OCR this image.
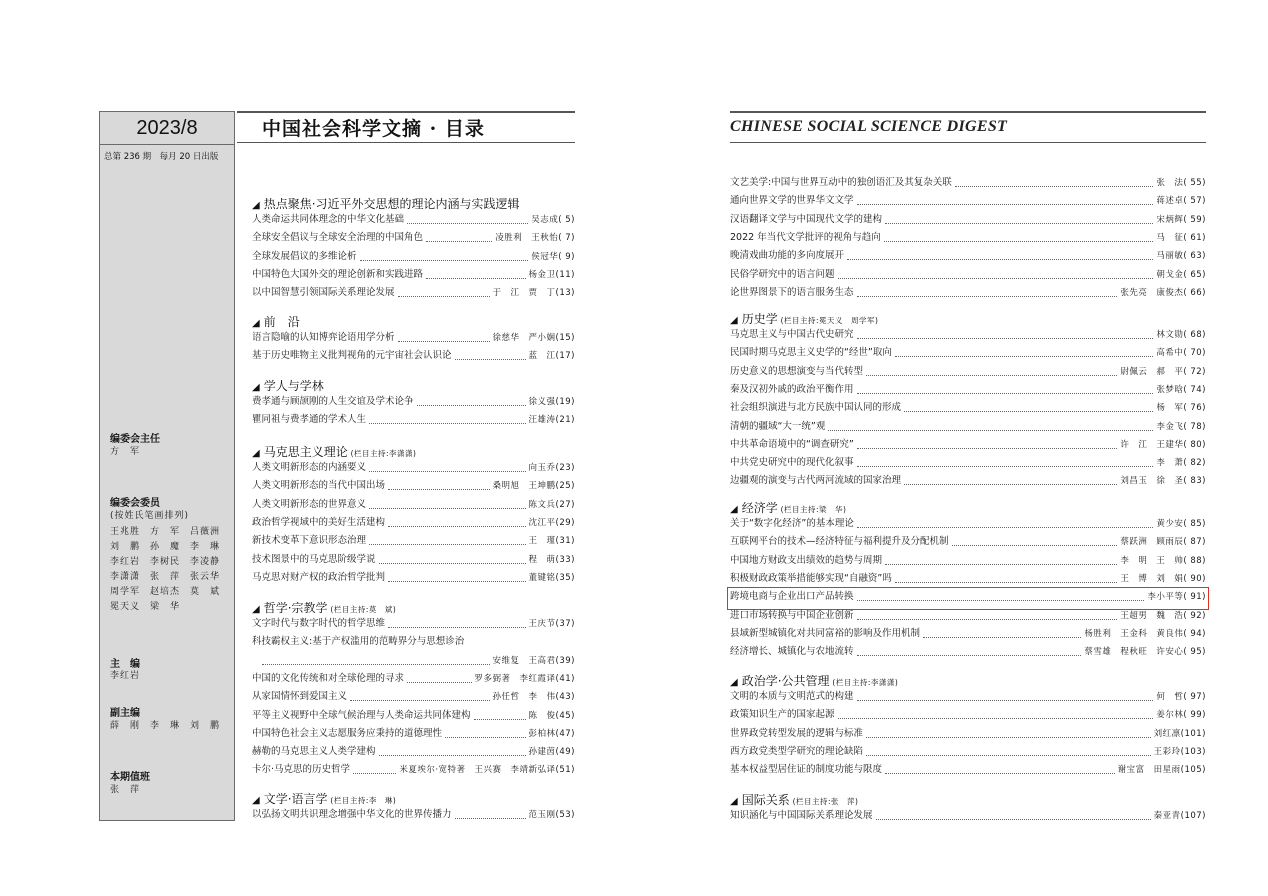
2023/8
总第 236 期　每月 20 日出版
编委会主任
方　军
编委会委员
(按姓氏笔画排列)
王兆胜　方　军　吕薇洲
刘　鹏　孙　魔　李　琳
李红岩　李树民　李凌静
李潇潇　张　萍　张云华
周学军　赵培杰　莫　斌
冕天义　梁　华
主　编
李红岩
副主编
薛　刚　李　琳　刘　鹏
本期值班
张　萍
中国社会科学文摘 · 目录	CHINESE SOCIAL SCIENCE DIGEST
◢ 热点聚焦·习近平外交思想的理论内涵与实践逻辑
人类命运共同体理念的中华文化基础	吴志成( 5)
全球安全倡议与全球安全治理的中国角色	凌胜利　王秋怡( 7)
全球发展倡议的多维论析	侯冠华( 9)
中国特色大国外交的理论创新和实践进路	杨金卫(11)
以中国智慧引领国际关系理论发展	于　江　贾　丁(13)
◢ 前　沿
语言隐喻的认知博弈论语用学分析	徐慈华　严小娴(15)
基于历史唯物主义批判视角的元宇宙社会认识论	蓝　江(17)
◢ 学人与学林
费孝通与顾颉刚的人生交谊及学术论争	徐义强(19)
瞿同祖与费孝通的学术人生	汪雄涛(21)
◢ 马克思主义理论 (栏目主持:李潇潇)
人类文明新形态的内涵要义	向玉乔(23)
人类文明新形态的当代中国出场	桑明旭　王坤鹏(25)
人类文明新形态的世界意义	陈文兵(27)
政治哲学视域中的美好生活建构	沈江平(29)
新技术变革下意识形态治理	王　瑾(31)
技术图景中的马克思阶级学说	程　萌(33)
马克思对财产权的政治哲学批判	董键铭(35)
◢ 哲学·宗教学 (栏目主持:莫　斌)
文字时代与数字时代的哲学思维	王庆节(37)
科技霸权主义:基于产权滥用的范畴界分与思想诊治
安维复　王高君(39)
中国的文化传统和对全球伦理的寻求	罗多弼著　李红霞译(41)
从家国情怀到爱国主义	孙任哲　李　伟(43)
平等主义视野中全球气候治理与人类命运共同体建构	陈　俊(45)
中国特色社会主义志愿服务应秉持的道德理性	彭柏林(47)
赫勒的马克思主义人类学建构	孙建茵(49)
卡尔·马克思的历史哲学	米夏埃尔·宽特著　王兴赛　李靖新弘译(51)
◢ 文学·语言学 (栏目主持:李　琳)
以弘扬文明共识理念增强中华文化的世界传播力	范玉刚(53)
文艺美学:中国与世界互动中的独创语汇及其复杂关联	张　法( 55)
通向世界文学的世界华文文学	蒋述卓( 57)
汉语翻译文学与中国现代文学的建构	宋炳辉( 59)
2022 年当代文学批评的视角与趋向	马　征( 61)
晚清戏曲功能的多向度展开	马丽敏( 63)
民俗学研究中的语言问题	朝戈金( 65)
论世界图景下的语言服务生态	张先亮　康俊杰( 66)
◢ 历史学 (栏目主持:冕天义　周学军)
马克思主义与中国古代史研究	林文勋( 68)
民国时期马克思主义史学的“经世”取向	高希中( 70)
历史意义的思想演变与当代转型	尉佩云　郝　平( 72)
秦及汉初外戚的政治平衡作用	张梦晗( 74)
社会组织演进与北方民族中国认同的形成	杨　军( 76)
清朝的疆域“大一统”观	李金飞( 78)
中共革命语境中的“调查研究”	许　江　王建华( 80)
中共党史研究中的现代化叙事	李　萧( 82)
边疆观的演变与古代两河流域的国家治理	刘昌玉　徐　圣( 83)
◢ 经济学 (栏目主持:梁　华)
关于“数字化经济”的基本理论	黄少安( 85)
互联网平台的技术—经济特征与福利提升及分配机制	蔡跃洲　顾雨辰( 87)
中国地方财政支出绩效的趋势与周期	李　明　王　帅( 88)
积极财政政策举措能够实现“自融资”吗	王　博　刘　娟( 90)
跨境电商与企业出口产品转换	李小平等( 91)
进口市场转换与中国企业创新	王超男　魏　浩( 92)
县域新型城镇化对共同富裕的影响及作用机制	杨胜利　王金科　黄良伟( 94)
经济增长、城镇化与农地流转	蔡雪雄　程秋旺　许安心( 95)
◢ 政治学·公共管理 (栏目主持:李潇潇)
文明的本质与文明范式的构建	何　哲( 97)
政策知识生产的国家起源	姜尔林( 99)
世界政党转型发展的逻辑与标准	刘红凛(101)
西方政党类型学研究的理论缺陷	王彩玲(103)
基本权益型居住证的制度功能与限度	谢宝富　田星雨(105)
◢ 国际关系 (栏目主持:张　萍)
知识涵化与中国国际关系理论发展	秦亚青(107)
